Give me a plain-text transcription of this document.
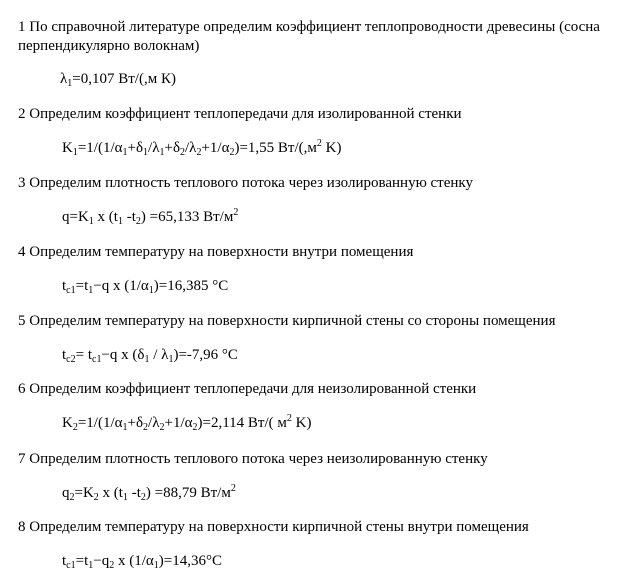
1 По справочной литературе определим коэффициент теплопроводности древесины (сосна
перпендикулярно волокнам)
$\lambda_1=0,107$ Вт/(,м К)
2 Определим коэффициент теплопередачи для изолированной стенки
$K_1=1/(1/\alpha_1+\delta_1/\lambda_1+\delta_2/\lambda_2+1/\alpha_2)=1,55$ $Вт/(,м^2$ K)
3 Определим плотность теплового потока через изолированную стенку
$q=K_1$ x ($t_1$ $-t_2) =65,133$ $Вт/м^2$
4 Определим температуру на поверхности внутри помещения
$t_{c1}=t_1-q$ x $(1/\alpha_1)=16,385$ °C
5 Определим температуру на поверхности кирпичной стены со стороны помещения
$t_{c2}= t_{c1}-q$ x $(\delta_1 / \lambda_1)=-7,96$ °C
6 Определим коэффициент теплопередачи для неизолированной стенки
$K_2=1/(1/\alpha_1+\delta_2/\lambda_2+1/\alpha_2)=2,114$ Вт/( $м^2$ K)
7 Определим плотность теплового потока через неизолированную стенку
$q_2=K_2$ x ($t_1$ $-t_2) =88,79$ $Вт/м^2$
8 Определим температуру на поверхности кирпичной стены внутри помещения
$t_{c1}=t_1-q_2$ x $(1/\alpha_1)=14,36^\circ C$
